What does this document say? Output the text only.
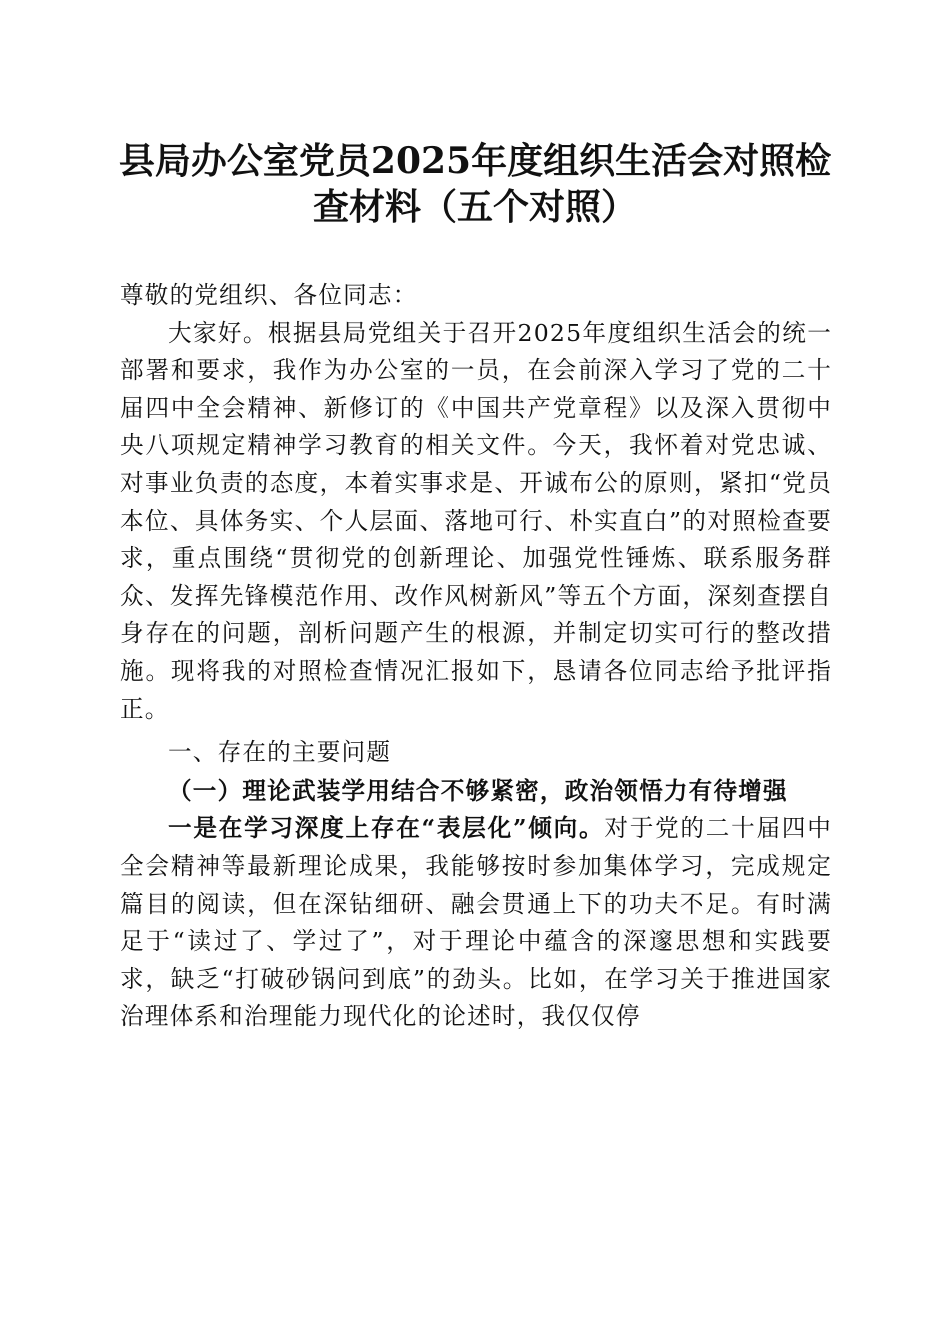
县局办公室党员2025年度组织生活会对照检
查材料（五个对照）

尊敬的党组织、各位同志：

大家好。根据县局党组关于召开2025年度组织生活会的统一部署和要求，我作为办公室的一员，在会前深入学习了党的二十届四中全会精神、新修订的《中国共产党章程》以及深入贯彻中央八项规定精神学习教育的相关文件。今天，我怀着对党忠诚、对事业负责的态度，本着实事求是、开诚布公的原则，紧扣“党员本位、具体务实、个人层面、落地可行、朴实直白”的对照检查要求，重点围绕“贯彻党的创新理论、加强党性锤炼、联系服务群众、发挥先锋模范作用、改作风树新风”等五个方面，深刻查摆自身存在的问题，剖析问题产生的根源，并制定切实可行的整改措施。现将我的对照检查情况汇报如下，恳请各位同志给予批评指正。

一、存在的主要问题

（一）理论武装学用结合不够紧密，政治领悟力有待增强

一是在学习深度上存在“表层化”倾向。对于党的二十届四中全会精神等最新理论成果，我能够按时参加集体学习，完成规定篇目的阅读，但在深钻细研、融会贯通上下的功夫不足。有时满足于“读过了、学过了”，对于理论中蕴含的深邃思想和实践要求，缺乏“打破砂锅问到底”的劲头。比如，在学习关于推进国家治理体系和治理能力现代化的论述时，我仅仅停
